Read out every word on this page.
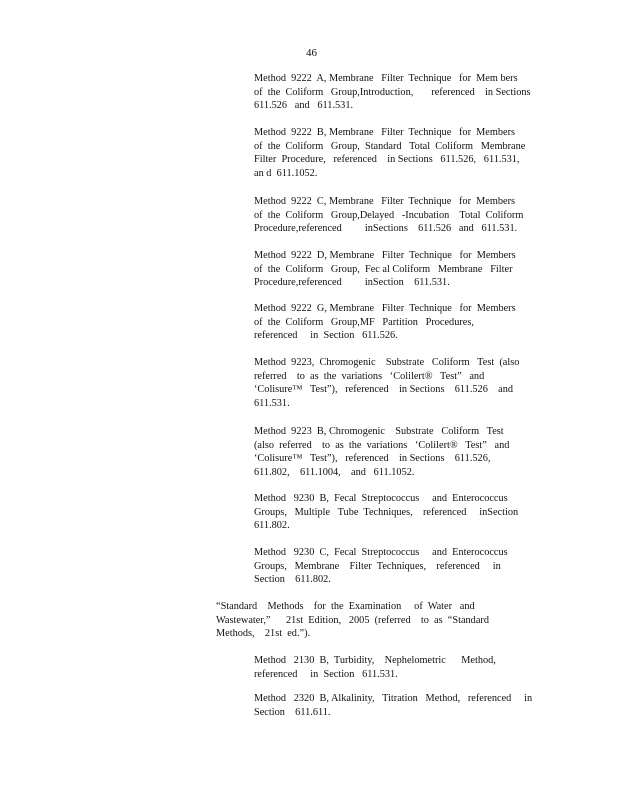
46
Method  9222  A, Membrane   Filter  Technique   for  Mem bers
of  the  Coliform   Group,Introduction,       referenced    in Sections
611.526   and   611.531.
Method  9222  B, Membrane   Filter  Technique   for  Members
of  the  Coliform   Group,  Standard   Total  Coliform   Membrane
Filter  Procedure,   referenced    in Sections   611.526,   611.531,
an d  611.1052.
Method  9222  C, Membrane   Filter  Technique   for  Members
of  the  Coliform   Group,Delayed   -Incubation    Total  Coliform
Procedure,referenced         inSections    611.526   and   611.531.
Method  9222  D, Membrane   Filter  Technique   for  Members
of  the  Coliform   Group,  Fec al Coliform   Membrane   Filter
Procedure,referenced         inSection    611.531.
Method  9222  G, Membrane   Filter  Technique   for  Members
of  the  Coliform   Group,MF   Partition   Procedures,
referenced     in  Section   611.526.
Method  9223,  Chromogenic    Substrate   Coliform   Test  (also
referred    to  as  the  variations   ‘Colilert®   Test”   and
‘Colisure™   Test”),   referenced    in Sections    611.526    and
611.531.
Method  9223  B, Chromogenic    Substrate   Coliform   Test
(also  referred    to  as  the  variations   ‘Colilert®   Test”   and
‘Colisure™   Test”),   referenced    in Sections    611.526,
611.802,    611.1004,    and   611.1052.
Method   9230  B,  Fecal  Streptococcus     and  Enterococcus
Groups,   Multiple   Tube  Techniques,    referenced     inSection
611.802.
Method   9230  C,  Fecal  Streptococcus     and  Enterococcus
Groups,   Membrane    Filter  Techniques,    referenced     in
Section    611.802.
“Standard    Methods    for  the  Examination     of  Water   and
Wastewater,”      21st  Edition,   2005  (referred    to  as  “Standard
Methods,    21st  ed.”).
Method   2130  B,  Turbidity,    Nephelometric      Method,
referenced     in  Section   611.531.
Method   2320  B, Alkalinity,   Titration   Method,   referenced     in
Section    611.611.
